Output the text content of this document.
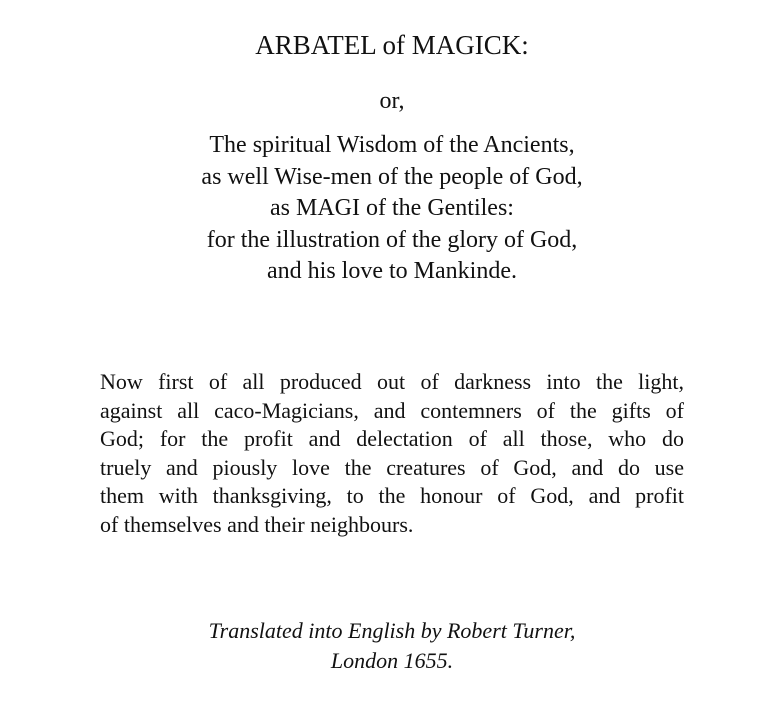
ARBATEL of MAGICK:

or,

The spiritual Wisdom of the Ancients,
as well Wise-men of the people of God,
as MAGI of the Gentiles:
for the illustration of the glory of God,
and his love to Mankinde.
Now first of all produced out of darkness into the light,
against all caco-Magicians, and contemners of the gifts of
God; for the profit and delectation of all those, who do
truely and piously love the creatures of God, and do use
them with thanksgiving, to the honour of God, and profit
of themselves and their neighbours.
Translated into English by Robert Turner,
London 1655.
